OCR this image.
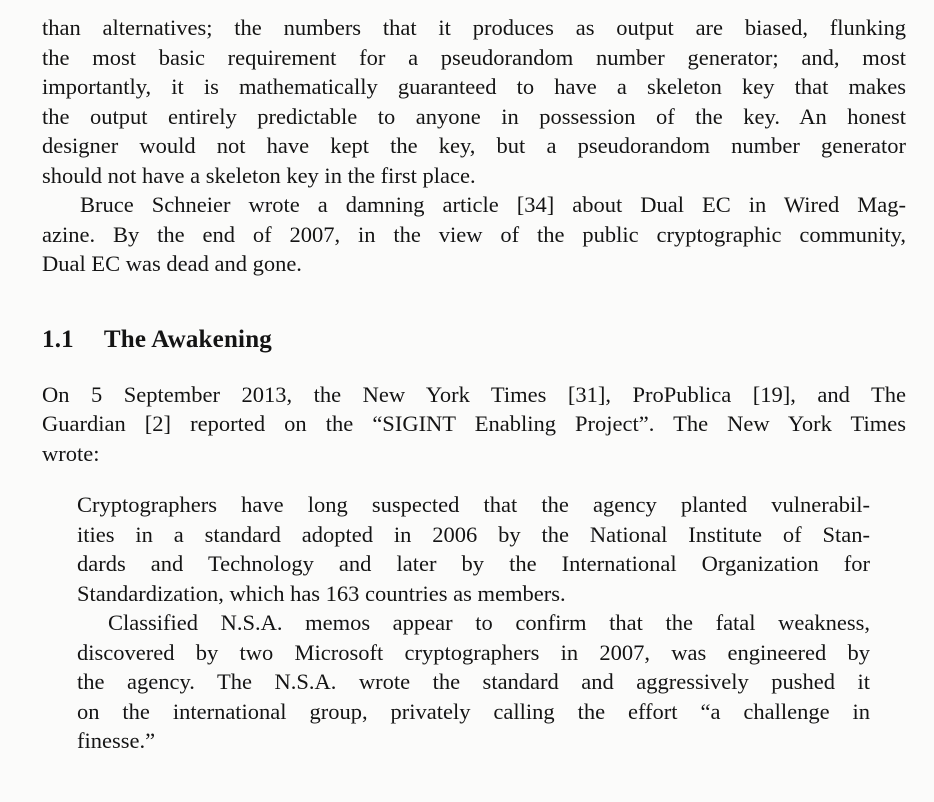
than alternatives; the numbers that it produces as output are biased, flunking
the most basic requirement for a pseudorandom number generator; and, most
importantly, it is mathematically guaranteed to have a skeleton key that makes
the output entirely predictable to anyone in possession of the key. An honest
designer would not have kept the key, but a pseudorandom number generator
should not have a skeleton key in the first place.

Bruce Schneier wrote a damning article [34] about Dual EC in Wired Mag-
azine. By the end of 2007, in the view of the public cryptographic community,
Dual EC was dead and gone.

1.1 The Awakening

On 5 September 2013, the New York Times [31], ProPublica [19], and The
Guardian [2] reported on the “SIGINT Enabling Project”. The New York Times
wrote:

Cryptographers have long suspected that the agency planted vulnerabil-
ities in a standard adopted in 2006 by the National Institute of Stan-
dards and Technology and later by the International Organization for
Standardization, which has 163 countries as members.

Classified N.S.A. memos appear to confirm that the fatal weakness,
discovered by two Microsoft cryptographers in 2007, was engineered by
the agency. The N.S.A. wrote the standard and aggressively pushed it
on the international group, privately calling the effort “a challenge in
finesse.”
